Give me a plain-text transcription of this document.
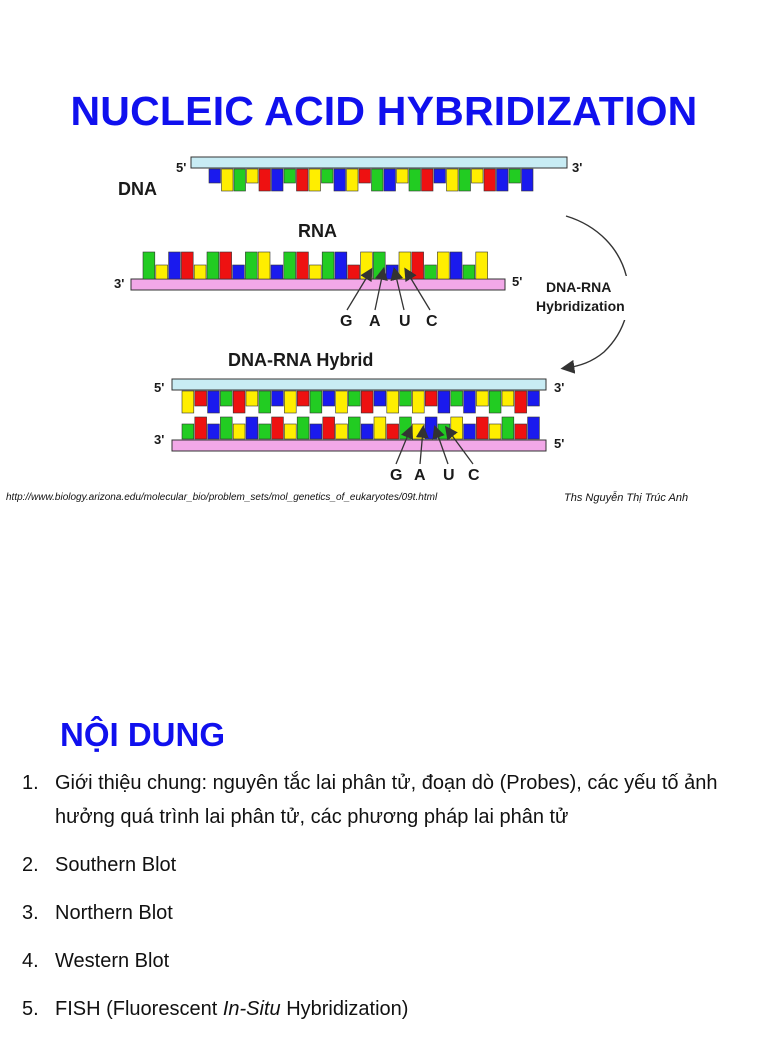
NUCLEIC ACID HYBRIDIZATION
DNA
5'	3'
RNA
3'	5'
G A U C
DNA-RNA
Hybridization
DNA-RNA Hybrid
5'	3'
3'	5'
G A U C
http://www.biology.arizona.edu/molecular_bio/problem_sets/mol_genetics_of_eukaryotes/09t.html	Ths Nguyễn Thị Trúc Anh
NỘI DUNG
1. Giới thiệu chung: nguyên tắc lai phân tử, đoạn dò (Probes), các yếu tố ảnh hưởng quá trình lai phân tử, các phương pháp lai phân tử
2. Southern Blot
3. Northern Blot
4. Western Blot
5. FISH (Fluorescent In-Situ Hybridization)
